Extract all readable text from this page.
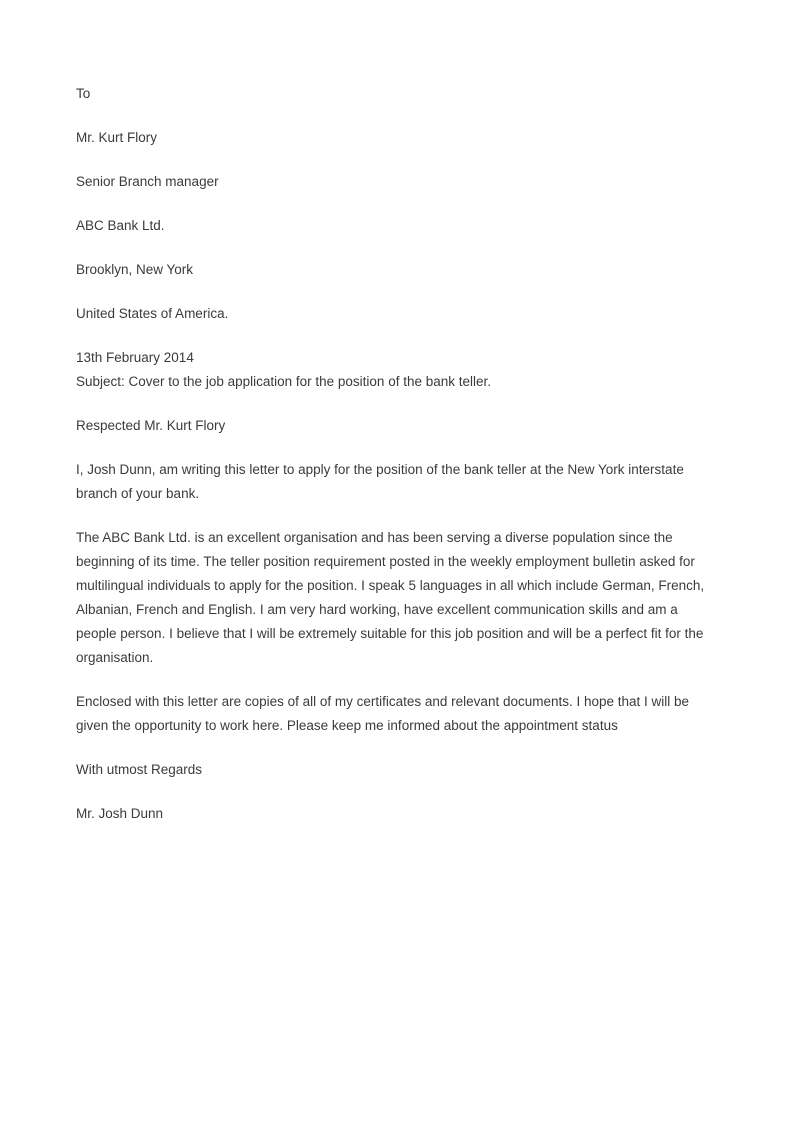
To
Mr. Kurt Flory
Senior Branch manager
ABC Bank Ltd.
Brooklyn, New York
United States of America.
13th February 2014
Subject: Cover to the job application for the position of the bank teller.
Respected Mr. Kurt Flory

I, Josh Dunn, am writing this letter to apply for the position of the bank teller at the New York interstate branch of your bank.

The ABC Bank Ltd. is an excellent organisation and has been serving a diverse population since the beginning of its time. The teller position requirement posted in the weekly employment bulletin asked for multilingual individuals to apply for the position. I speak 5 languages in all which include German, French, Albanian, French and English. I am very hard working, have excellent communication skills and am a people person. I believe that I will be extremely suitable for this job position and will be a perfect fit for the organisation.

Enclosed with this letter are copies of all of my certificates and relevant documents. I hope that I will be given the opportunity to work here. Please keep me informed about the appointment status

With utmost Regards
Mr. Josh Dunn
